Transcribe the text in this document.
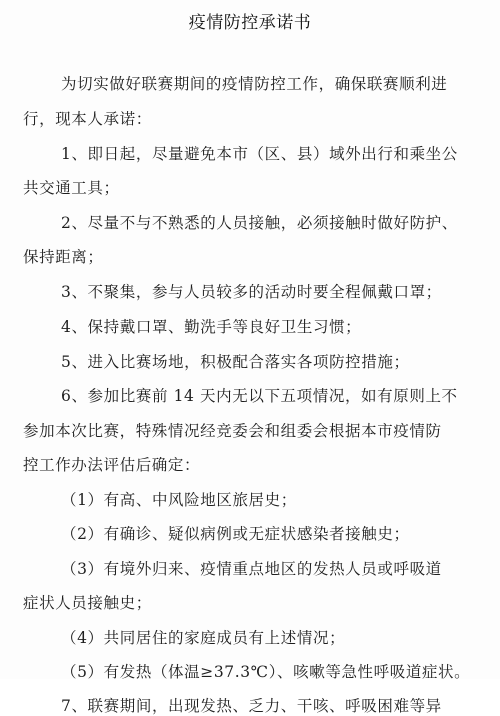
疫情防控承诺书
为切实做好联赛期间的疫情防控工作，确保联赛顺利进
行，现本人承诺：
1、即日起，尽量避免本市（区、县）域外出行和乘坐公
共交通工具；
2、尽量不与不熟悉的人员接触，必须接触时做好防护、
保持距离；
3、不聚集，参与人员较多的活动时要全程佩戴口罩；
4、保持戴口罩、勤洗手等良好卫生习惯；
5、进入比赛场地，积极配合落实各项防控措施；
6、参加比赛前 14 天内无以下五项情况，如有原则上不
参加本次比赛，特殊情况经竞委会和组委会根据本市疫情防
控工作办法评估后确定：
（1）有高、中风险地区旅居史；
（2）有确诊、疑似病例或无症状感染者接触史；
（3）有境外归来、疫情重点地区的发热人员或呼吸道
症状人员接触史；
（4）共同居住的家庭成员有上述情况；
（5）有发热（体温≥37.3℃）、咳嗽等急性呼吸道症状。
7、联赛期间，出现发热、乏力、干咳、呼吸困难等异
